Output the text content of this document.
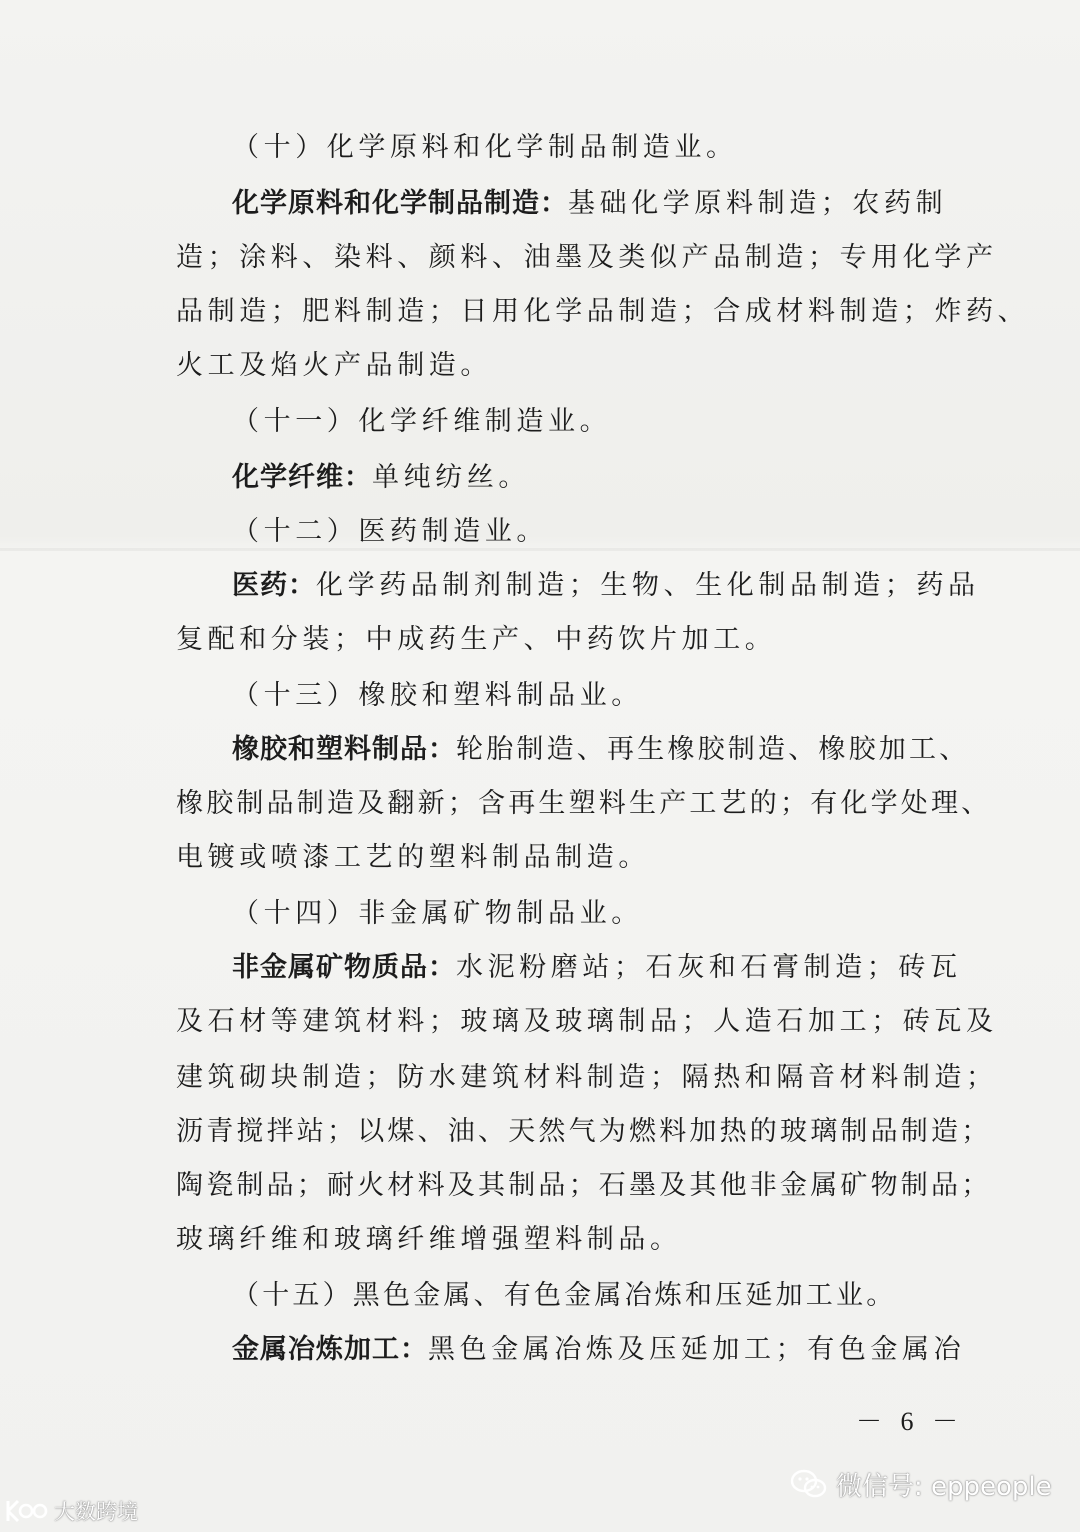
（十）化学原料和化学制品制造业。
化学原料和化学制品制造：基础化学原料制造；农药制
造；涂料、染料、颜料、油墨及类似产品制造；专用化学产
品制造；肥料制造；日用化学品制造；合成材料制造；炸药、
火工及焰火产品制造。
（十一）化学纤维制造业。
化学纤维：单纯纺丝。
（十二）医药制造业。
医药：化学药品制剂制造；生物、生化制品制造；药品
复配和分装；中成药生产、中药饮片加工。
（十三）橡胶和塑料制品业。
橡胶和塑料制品：轮胎制造、再生橡胶制造、橡胶加工、
橡胶制品制造及翻新；含再生塑料生产工艺的；有化学处理、
电镀或喷漆工艺的塑料制品制造。
（十四）非金属矿物制品业。
非金属矿物质品：水泥粉磨站；石灰和石膏制造；砖瓦
及石材等建筑材料；玻璃及玻璃制品；人造石加工；砖瓦及
建筑砌块制造；防水建筑材料制造；隔热和隔音材料制造；
沥青搅拌站；以煤、油、天然气为燃料加热的玻璃制品制造；
陶瓷制品；耐火材料及其制品；石墨及其他非金属矿物制品；
玻璃纤维和玻璃纤维增强塑料制品。
（十五）黑色金属、有色金属冶炼和压延加工业。
金属冶炼加工：黑色金属冶炼及压延加工；有色金属冶
－ 6 －
微信号: eppeople
大数跨境
